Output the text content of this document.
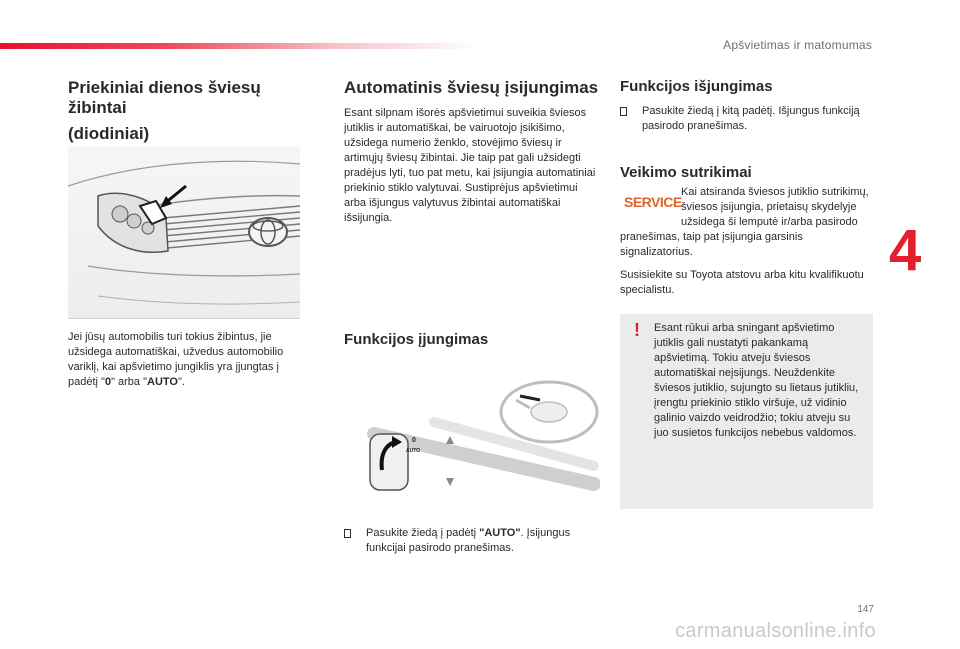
Apšvietimas ir matomumas
4
147
carmanualsonline.info
Priekiniai dienos šviesų žibintai
(diodiniai)

Jei jūsų automobilis turi tokius žibintus, jie užsidega automatiškai, užvedus automobilio variklį, kai apšvietimo jungiklis yra įjungtas į padėtį "0" arba "AUTO".

Automatinis šviesų įsijungimas

Esant silpnam išorės apšvietimui suveikia šviesos jutiklis ir automatiškai, be vairuotojo įsikišimo, užsidega numerio ženklo, stovėjimo šviesų ir artimųjų šviesų žibintai. Jie taip pat gali užsidegti pradėjus lyti, tuo pat metu, kai įsijungia automatiniai priekinio stiklo valytuvai. Sustiprėjus apšvietimui arba išjungus valytuvus žibintai automatiškai išsijungia.

Funkcijos įjungimas
0
AUTO
Pasukite žiedą į padėtį "AUTO". Įsijungus funkcijai pasirodo pranešimas.
Funkcijos išjungimas
Pasukite žiedą į kitą padėtį. Išjungus funkciją pasirodo pranešimas.
Veikimo sutrikimai
SERVICE

Kai atsiranda šviesos jutiklio sutrikimų, šviesos įsijungia, prietaisų skydelyje užsidega ši lemputė ir/arba pasirodo pranešimas, taip pat įsijungia garsinis signalizatorius.

Susisiekite su Toyota atstovu arba kitu kvalifikuotu specialistu.

! Esant rūkui arba sningant apšvietimo jutiklis gali nustatyti pakankamą apšvietimą. Tokiu atveju šviesos automatiškai neįsijungs. Neuždenkite šviesos jutiklio, sujungto su lietaus jutikliu, įrengtu priekinio stiklo viršuje, už vidinio galinio vaizdo veidrodžio; tokiu atveju su juo susietos funkcijos nebebus valdomos.
